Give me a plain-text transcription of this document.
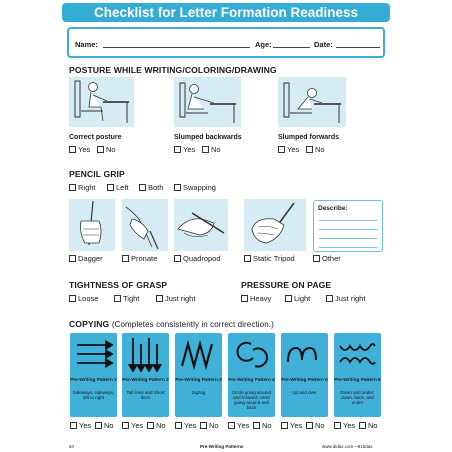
Checklist for Letter Formation Readiness
Name:	Age:	Date:
POSTURE WHILE WRITING/COLORING/DRAWING
Correct posture
Yes No
Slumped backwards
Yes No
Slumped forwards
Yes No
PENCIL GRIP
Right	Left	Both	Swapping
Describe:
Dagger	Pronate	Quadropod	Static Tripod	Other
TIGHTNESS OF GRASP
Loose	Tight	Just right
PRESSURE ON PAGE
Heavy	Light	Just right
COPYING (Completes consistently in correct direction.)
Pre-Writing Pattern 1
Sideways, sideways, left to right
Pre-Writing Pattern 2
Tall lines and Short lines
Pre-Writing Pattern 3
Zigzag
Pre-Writing Pattern 4
Circle going around and forward; circle going around and back
Pre-Writing Pattern 5
Up and over
Pre-Writing Pattern 6
Down and under; down, back, and under
Yes No Yes No Yes No Yes No Yes No Yes No
64	Pre-Writing Patterns	www.didax.com—815dax
